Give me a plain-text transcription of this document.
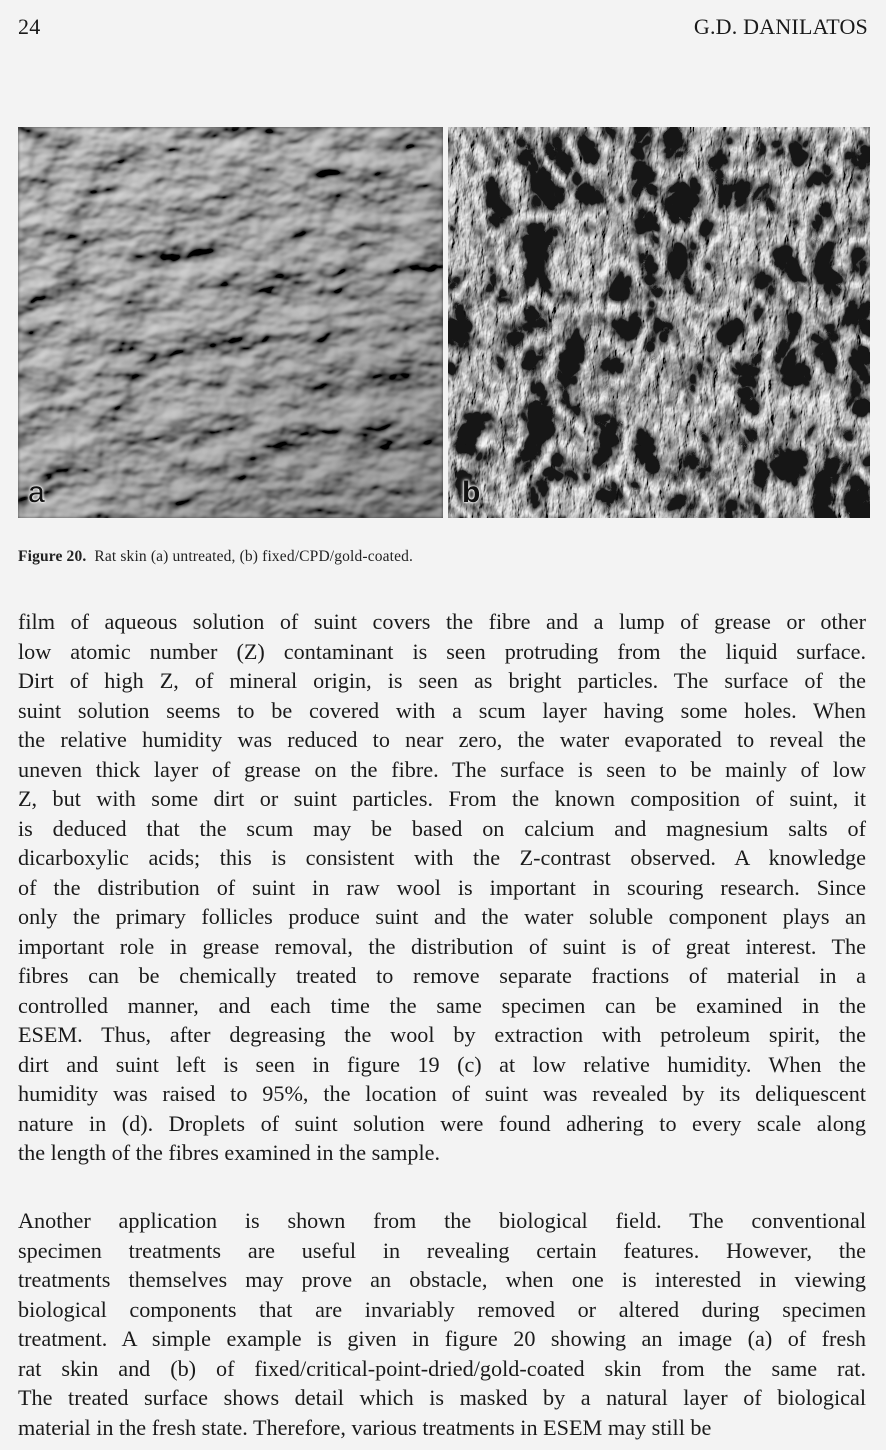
24	G.D. DANILATOS
a	b
Figure 20. Rat skin (a) untreated, (b) fixed/CPD/gold-coated.
film of aqueous solution of suint covers the fibre and a lump of grease or other
low atomic number (Z) contaminant is seen protruding from the liquid surface.
Dirt of high Z, of mineral origin, is seen as bright particles. The surface of the
suint solution seems to be covered with a scum layer having some holes. When
the relative humidity was reduced to near zero, the water evaporated to reveal the
uneven thick layer of grease on the fibre. The surface is seen to be mainly of low
Z, but with some dirt or suint particles. From the known composition of suint, it
is deduced that the scum may be based on calcium and magnesium salts of
dicarboxylic acids; this is consistent with the Z-contrast observed. A knowledge
of the distribution of suint in raw wool is important in scouring research. Since
only the primary follicles produce suint and the water soluble component plays an
important role in grease removal, the distribution of suint is of great interest. The
fibres can be chemically treated to remove separate fractions of material in a
controlled manner, and each time the same specimen can be examined in the
ESEM. Thus, after degreasing the wool by extraction with petroleum spirit, the
dirt and suint left is seen in figure 19 (c) at low relative humidity. When the
humidity was raised to 95%, the location of suint was revealed by its deliquescent
nature in (d). Droplets of suint solution were found adhering to every scale along
the length of the fibres examined in the sample.
Another application is shown from the biological field. The conventional
specimen treatments are useful in revealing certain features. However, the
treatments themselves may prove an obstacle, when one is interested in viewing
biological components that are invariably removed or altered during specimen
treatment. A simple example is given in figure 20 showing an image (a) of fresh
rat skin and (b) of fixed/critical-point-dried/gold-coated skin from the same rat.
The treated surface shows detail which is masked by a natural layer of biological
material in the fresh state. Therefore, various treatments in ESEM may still be
